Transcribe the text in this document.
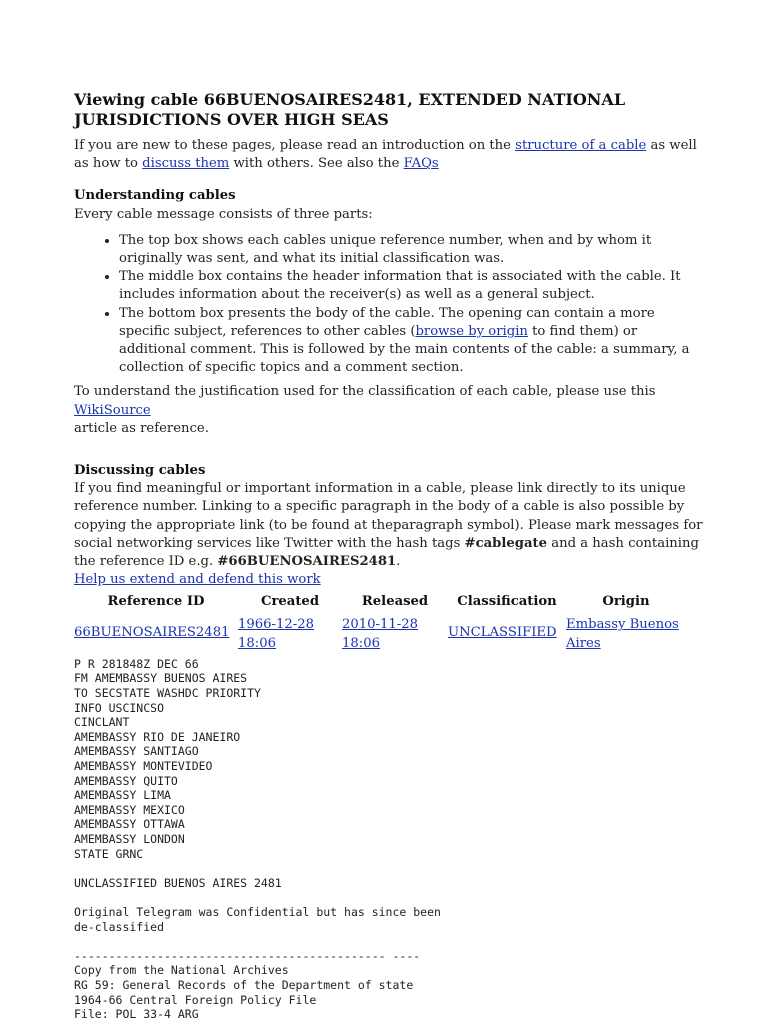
Viewing cable 66BUENOSAIRES2481, EXTENDED NATIONAL JURISDICTIONS OVER HIGH SEAS

If you are new to these pages, please read an introduction on the structure of a cable as well as how to discuss them with others. See also the FAQs

Understanding cables

Every cable message consists of three parts:

• The top box shows each cables unique reference number, when and by whom it originally was sent, and what its initial classification was.
• The middle box contains the header information that is associated with the cable. It includes information about the receiver(s) as well as a general subject.
• The bottom box presents the body of the cable. The opening can contain a more specific subject, references to other cables (browse by origin to find them) or additional comment. This is followed by the main contents of the cable: a summary, a collection of specific topics and a comment section.

To understand the justification used for the classification of each cable, please use this WikiSource
article as reference.

Discussing cables

If you find meaningful or important information in a cable, please link directly to its unique reference number. Linking to a specific paragraph in the body of a cable is also possible by copying the appropriate link (to be found at theparagraph symbol). Please mark messages for social networking services like Twitter with the hash tags #cablegate and a hash containing the reference ID e.g. #66BUENOSAIRES2481.

Help us extend and defend this work
Reference ID	Created	Released	Classification	Origin
66BUENOSAIRES2481	1966-12-28 18:06	2010-11-28 18:06	UNCLASSIFIED	Embassy Buenos Aires
P R 281848Z DEC 66
FM AMEMBASSY BUENOS AIRES
TO SECSTATE WASHDC PRIORITY
INFO USCINCSO
CINCLANT
AMEMBASSY RIO DE JANEIRO
AMEMBASSY SANTIAGO
AMEMBASSY MONTEVIDEO
AMEMBASSY QUITO
AMEMBASSY LIMA
AMEMBASSY MEXICO
AMEMBASSY OTTAWA
AMEMBASSY LONDON
STATE GRNC

UNCLASSIFIED BUENOS AIRES 2481

Original Telegram was Confidential but has since been
de-classified

--------------------------------------------- ----
Copy from the National Archives
RG 59: General Records of the Department of state
1964-66 Central Foreign Policy File
File: POL 33-4 ARG
